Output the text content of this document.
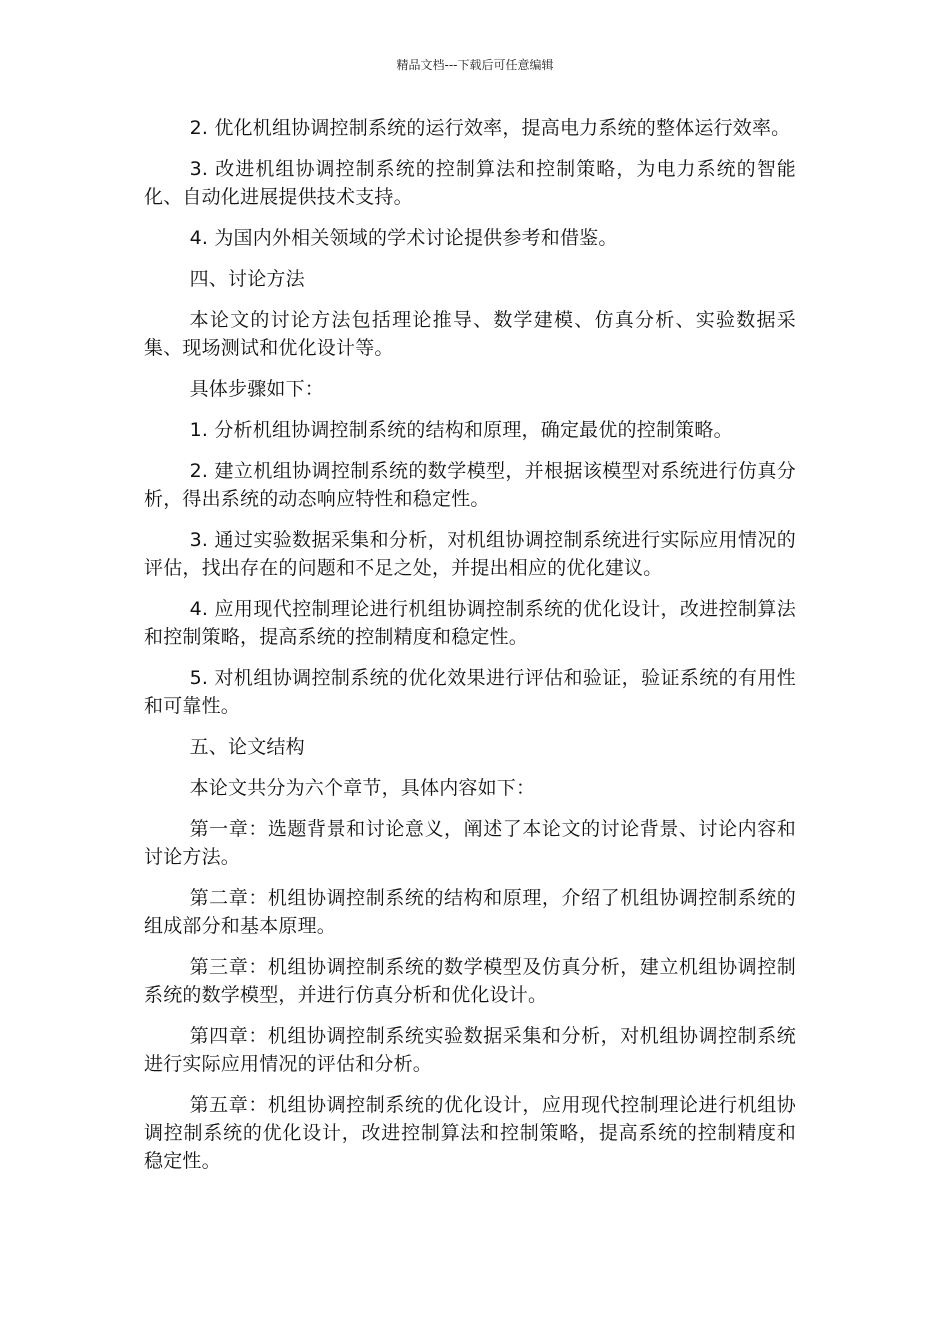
精品文档---下载后可任意编辑

2. 优化机组协调控制系统的运行效率，提高电力系统的整体运行效率。

3. 改进机组协调控制系统的控制算法和控制策略，为电力系统的智能化、自动化进展提供技术支持。

4. 为国内外相关领域的学术讨论提供参考和借鉴。

四、讨论方法

本论文的讨论方法包括理论推导、数学建模、仿真分析、实验数据采集、现场测试和优化设计等。

具体步骤如下：

1. 分析机组协调控制系统的结构和原理，确定最优的控制策略。

2. 建立机组协调控制系统的数学模型，并根据该模型对系统进行仿真分析，得出系统的动态响应特性和稳定性。

3. 通过实验数据采集和分析，对机组协调控制系统进行实际应用情况的评估，找出存在的问题和不足之处，并提出相应的优化建议。

4. 应用现代控制理论进行机组协调控制系统的优化设计，改进控制算法和控制策略，提高系统的控制精度和稳定性。

5. 对机组协调控制系统的优化效果进行评估和验证，验证系统的有用性和可靠性。

五、论文结构

本论文共分为六个章节，具体内容如下：

第一章：选题背景和讨论意义，阐述了本论文的讨论背景、讨论内容和讨论方法。

第二章：机组协调控制系统的结构和原理，介绍了机组协调控制系统的组成部分和基本原理。

第三章：机组协调控制系统的数学模型及仿真分析，建立机组协调控制系统的数学模型，并进行仿真分析和优化设计。

第四章：机组协调控制系统实验数据采集和分析，对机组协调控制系统进行实际应用情况的评估和分析。

第五章：机组协调控制系统的优化设计，应用现代控制理论进行机组协调控制系统的优化设计，改进控制算法和控制策略，提高系统的控制精度和稳定性。
